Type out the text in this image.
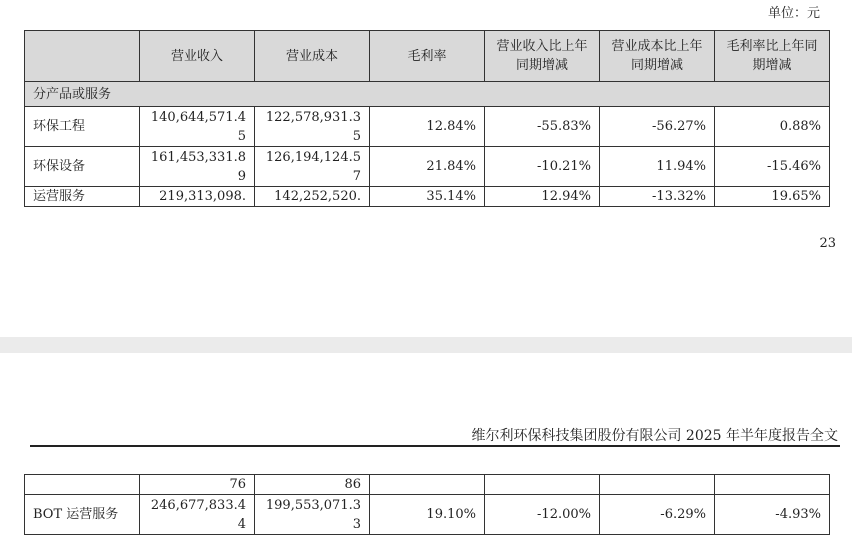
单位：元
	营业收入	营业成本	毛利率	营业收入比上年同期增减	营业成本比上年同期增减	毛利率比上年同期增减
分产品或服务						
环保工程	140,644,571.45	122,578,931.35	12.84%	-55.83%	-56.27%	0.88%
环保设备	161,453,331.89	126,194,124.57	21.84%	-10.21%	11.94%	-15.46%
运营服务	219,313,098.	142,252,520.	35.14%	12.94%	-13.32%	19.65%
23
维尔利环保科技集团股份有限公司 2025 年半年度报告全文
	76	86				
BOT 运营服务	246,677,833.44	199,553,071.33	19.10%	-12.00%	-6.29%	-4.93%
